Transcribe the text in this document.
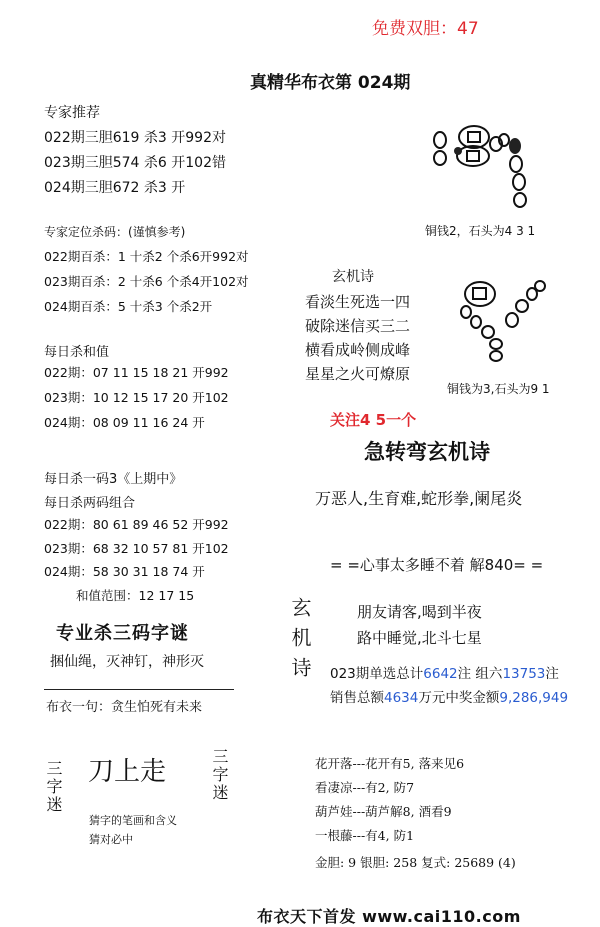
免费双胆：47
真精华布衣第 024期
专家推荐
022期三胆619 杀3 开992对
023期三胆574 杀6 开102错
024期三胆672 杀3 开
专家定位杀码：(谨慎参考)
022期百杀：1 十杀2 个杀6开992对
023期百杀：2 十杀6 个杀4开102对
024期百杀：5 十杀3 个杀2开
每日杀和值
022期：07 11 15 18 21 开992
023期：10 12 15 17 20 开102
024期：08 09 11 16 24 开
每日杀一码3《上期中》
每日杀两码组合
022期：80 61 89 46 52 开992
023期：68 32 10 57 81 开102
024期：58 30 31 18 74 开
和值范围：12 17 15
专业杀三码字谜
捆仙绳，灭神钉，神形灭
布衣一句：贪生怕死有未来
三字迷 刀上走	三字迷
猜字的笔画和含义
猜对必中
铜钱2，石头为4 3 1
玄机诗
看淡生死选一四
破除迷信买三二
横看成岭侧成峰
星星之火可燎原
铜钱为3,石头为9 1
关注4 5一个
急转弯玄机诗
万恶人,生育难,蛇形拳,阑尾炎
= =心事太多睡不着 解840= =
玄机诗	朋友请客,喝到半夜
路中睡觉,北斗七星
023期单选总计6642注 组六13753注
销售总额4634万元中奖金额9,286,949
花开落---花开有5, 落来见6
看凄凉---有2, 防7
葫芦娃---葫芦解8, 酒看9
一根藤---有4, 防1
金胆: 9 银胆: 258 复式: 25689 (4)
布衣天下首发 www.cai110.com
